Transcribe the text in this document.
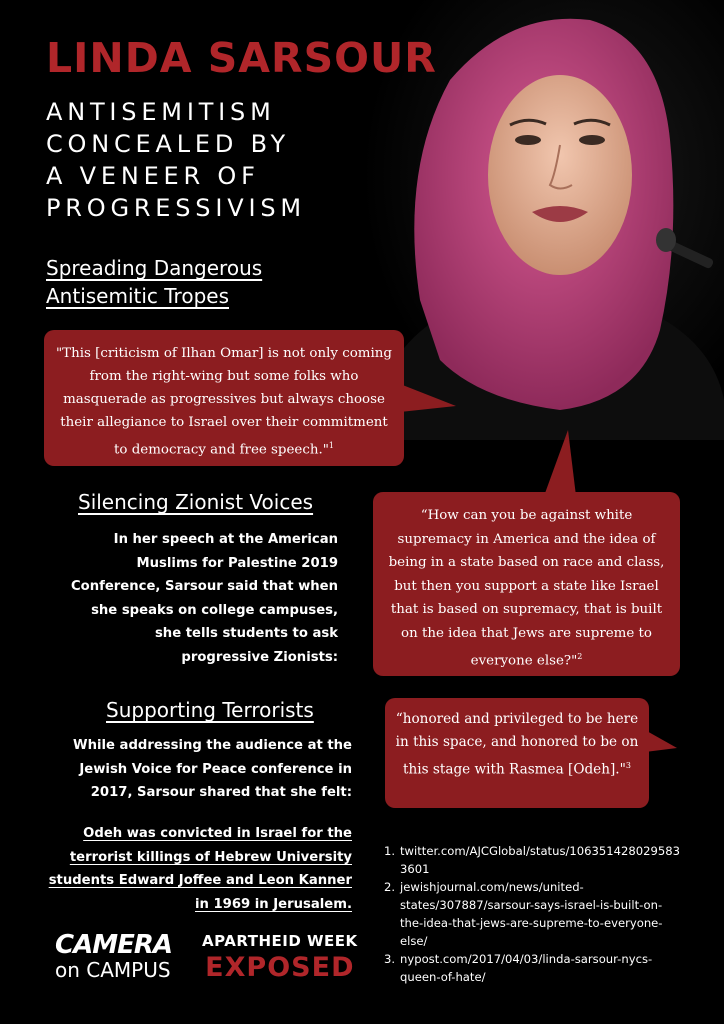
LINDA SARSOUR
ANTISEMITISM
CONCEALED BY
A VENEER OF
PROGRESSIVISM
Spreading Dangerous
Antisemitic Tropes
"This [criticism of Ilhan Omar] is not only coming from the right-wing but some folks who masquerade as progressives but always choose their allegiance to Israel over their commitment to democracy and free speech."$^1$
Silencing Zionist Voices
In her speech at the American Muslims for Palestine 2019 Conference, Sarsour said that when she speaks on college campuses, she tells students to ask progressive Zionists:
“How can you be against white supremacy in America and the idea of being in a state based on race and class, but then you support a state like Israel that is based on supremacy, that is built on the idea that Jews are supreme to everyone else?"$^2$
Supporting Terrorists
While addressing the audience at the Jewish Voice for Peace conference in 2017, Sarsour shared that she felt:
Odeh was convicted in Israel for the terrorist killings of Hebrew University students Edward Joffee and Leon Kanner in 1969 in Jerusalem.
“honored and privileged to be here in this space, and honored to be on this stage with Rasmea [Odeh]."$^3$
1. twitter.com/AJCGlobal/status/1063514280295833601
2. jewishjournal.com/news/united-states/307887/sarsour-says-israel-is-built-on-the-idea-that-jews-are-supreme-to-everyone-else/
3. nypost.com/2017/04/03/linda-sarsour-nycs-queen-of-hate/
CAMERA
on CAMPUS
APARTHEID WEEK
EXPOSED
